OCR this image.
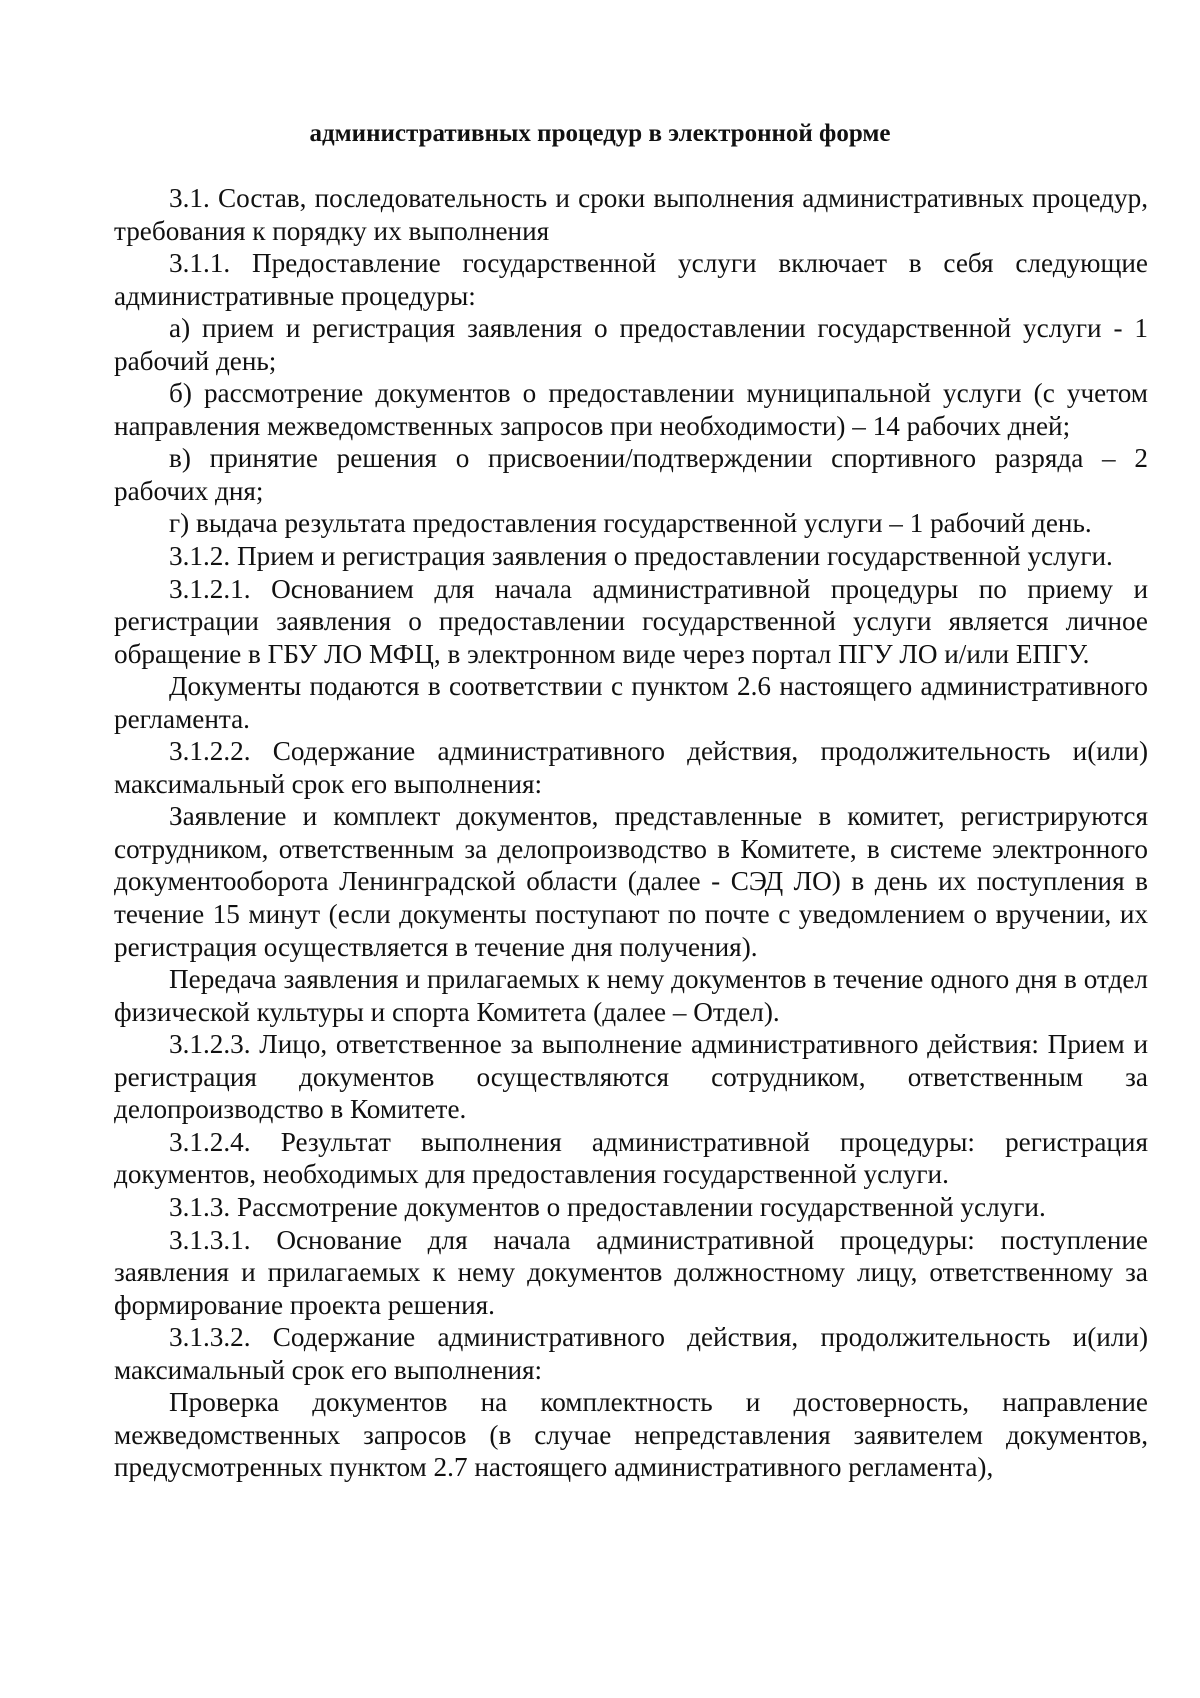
административных процедур в электронной форме

3.1. Состав, последовательность и сроки выполнения административных процедур, требования к порядку их выполнения

3.1.1. Предоставление государственной услуги включает в себя следующие административные процедуры:

а) прием и регистрация заявления о предоставлении государственной услуги - 1 рабочий день;

б) рассмотрение документов о предоставлении муниципальной услуги (с учетом направления межведомственных запросов при необходимости) – 14 рабочих дней;

в) принятие решения о присвоении/подтверждении спортивного разряда – 2 рабочих дня;

г) выдача результата предоставления государственной услуги – 1 рабочий день.

3.1.2. Прием и регистрация заявления о предоставлении государственной услуги.

3.1.2.1. Основанием для начала административной процедуры по приему и регистрации заявления о предоставлении государственной услуги является личное обращение в ГБУ ЛО МФЦ, в электронном виде через портал ПГУ ЛО и/или ЕПГУ.

Документы подаются в соответствии с пунктом 2.6 настоящего административного регламента.

3.1.2.2. Содержание административного действия, продолжительность и(или) максимальный срок его выполнения:

Заявление и комплект документов, представленные в комитет, регистрируются сотрудником, ответственным за делопроизводство в Комитете, в системе электронного документооборота Ленинградской области (далее - СЭД ЛО) в день их поступления в течение 15 минут (если документы поступают по почте с уведомлением о вручении, их регистрация осуществляется в течение дня получения).

Передача заявления и прилагаемых к нему документов в течение одного дня в отдел физической культуры и спорта Комитета (далее – Отдел).

3.1.2.3. Лицо, ответственное за выполнение административного действия: Прием и регистрация документов осуществляются сотрудником, ответственным за делопроизводство в Комитете.

3.1.2.4. Результат выполнения административной процедуры: регистрация документов, необходимых для предоставления государственной услуги.

3.1.3. Рассмотрение документов о предоставлении государственной услуги.

3.1.3.1. Основание для начала административной процедуры: поступление заявления и прилагаемых к нему документов должностному лицу, ответственному за формирование проекта решения.

3.1.3.2. Содержание административного действия, продолжительность и(или) максимальный срок его выполнения:

Проверка документов на комплектность и достоверность, направление межведомственных запросов (в случае непредставления заявителем документов, предусмотренных пунктом 2.7 настоящего административного регламента),
